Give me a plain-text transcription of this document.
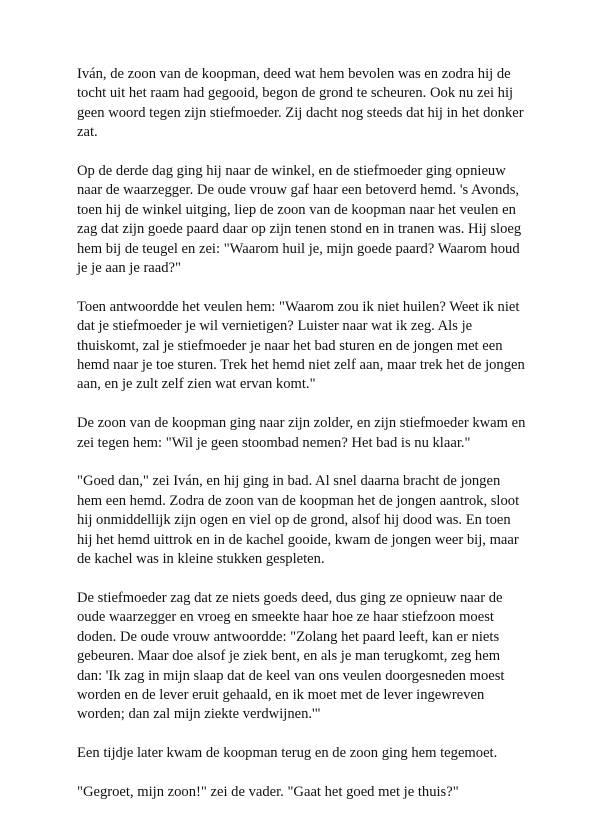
Iván, de zoon van de koopman, deed wat hem bevolen was en zodra hij de tocht uit het raam had gegooid, begon de grond te scheuren. Ook nu zei hij geen woord tegen zijn stiefmoeder. Zij dacht nog steeds dat hij in het donker zat.

Op de derde dag ging hij naar de winkel, en de stiefmoeder ging opnieuw naar de waarzegger. De oude vrouw gaf haar een betoverd hemd. 's Avonds, toen hij de winkel uitging, liep de zoon van de koopman naar het veulen en zag dat zijn goede paard daar op zijn tenen stond en in tranen was. Hij sloeg hem bij de teugel en zei: "Waarom huil je, mijn goede paard? Waarom houd je je aan je raad?"

Toen antwoordde het veulen hem: "Waarom zou ik niet huilen? Weet ik niet dat je stiefmoeder je wil vernietigen? Luister naar wat ik zeg. Als je thuiskomt, zal je stiefmoeder je naar het bad sturen en de jongen met een hemd naar je toe sturen. Trek het hemd niet zelf aan, maar trek het de jongen aan, en je zult zelf zien wat ervan komt."

De zoon van de koopman ging naar zijn zolder, en zijn stiefmoeder kwam en zei tegen hem: "Wil je geen stoombad nemen? Het bad is nu klaar."

"Goed dan," zei Iván, en hij ging in bad. Al snel daarna bracht de jongen hem een hemd. Zodra de zoon van de koopman het de jongen aantrok, sloot hij onmiddellijk zijn ogen en viel op de grond, alsof hij dood was. En toen hij het hemd uittrok en in de kachel gooide, kwam de jongen weer bij, maar de kachel was in kleine stukken gespleten.

De stiefmoeder zag dat ze niets goeds deed, dus ging ze opnieuw naar de oude waarzegger en vroeg en smeekte haar hoe ze haar stiefzoon moest doden. De oude vrouw antwoordde: "Zolang het paard leeft, kan er niets gebeuren. Maar doe alsof je ziek bent, en als je man terugkomt, zeg hem dan: 'Ik zag in mijn slaap dat de keel van ons veulen doorgesneden moest worden en de lever eruit gehaald, en ik moet met de lever ingewreven worden; dan zal mijn ziekte verdwijnen.'"

Een tijdje later kwam de koopman terug en de zoon ging hem tegemoet.

"Gegroet, mijn zoon!" zei de vader. "Gaat het goed met je thuis?"
